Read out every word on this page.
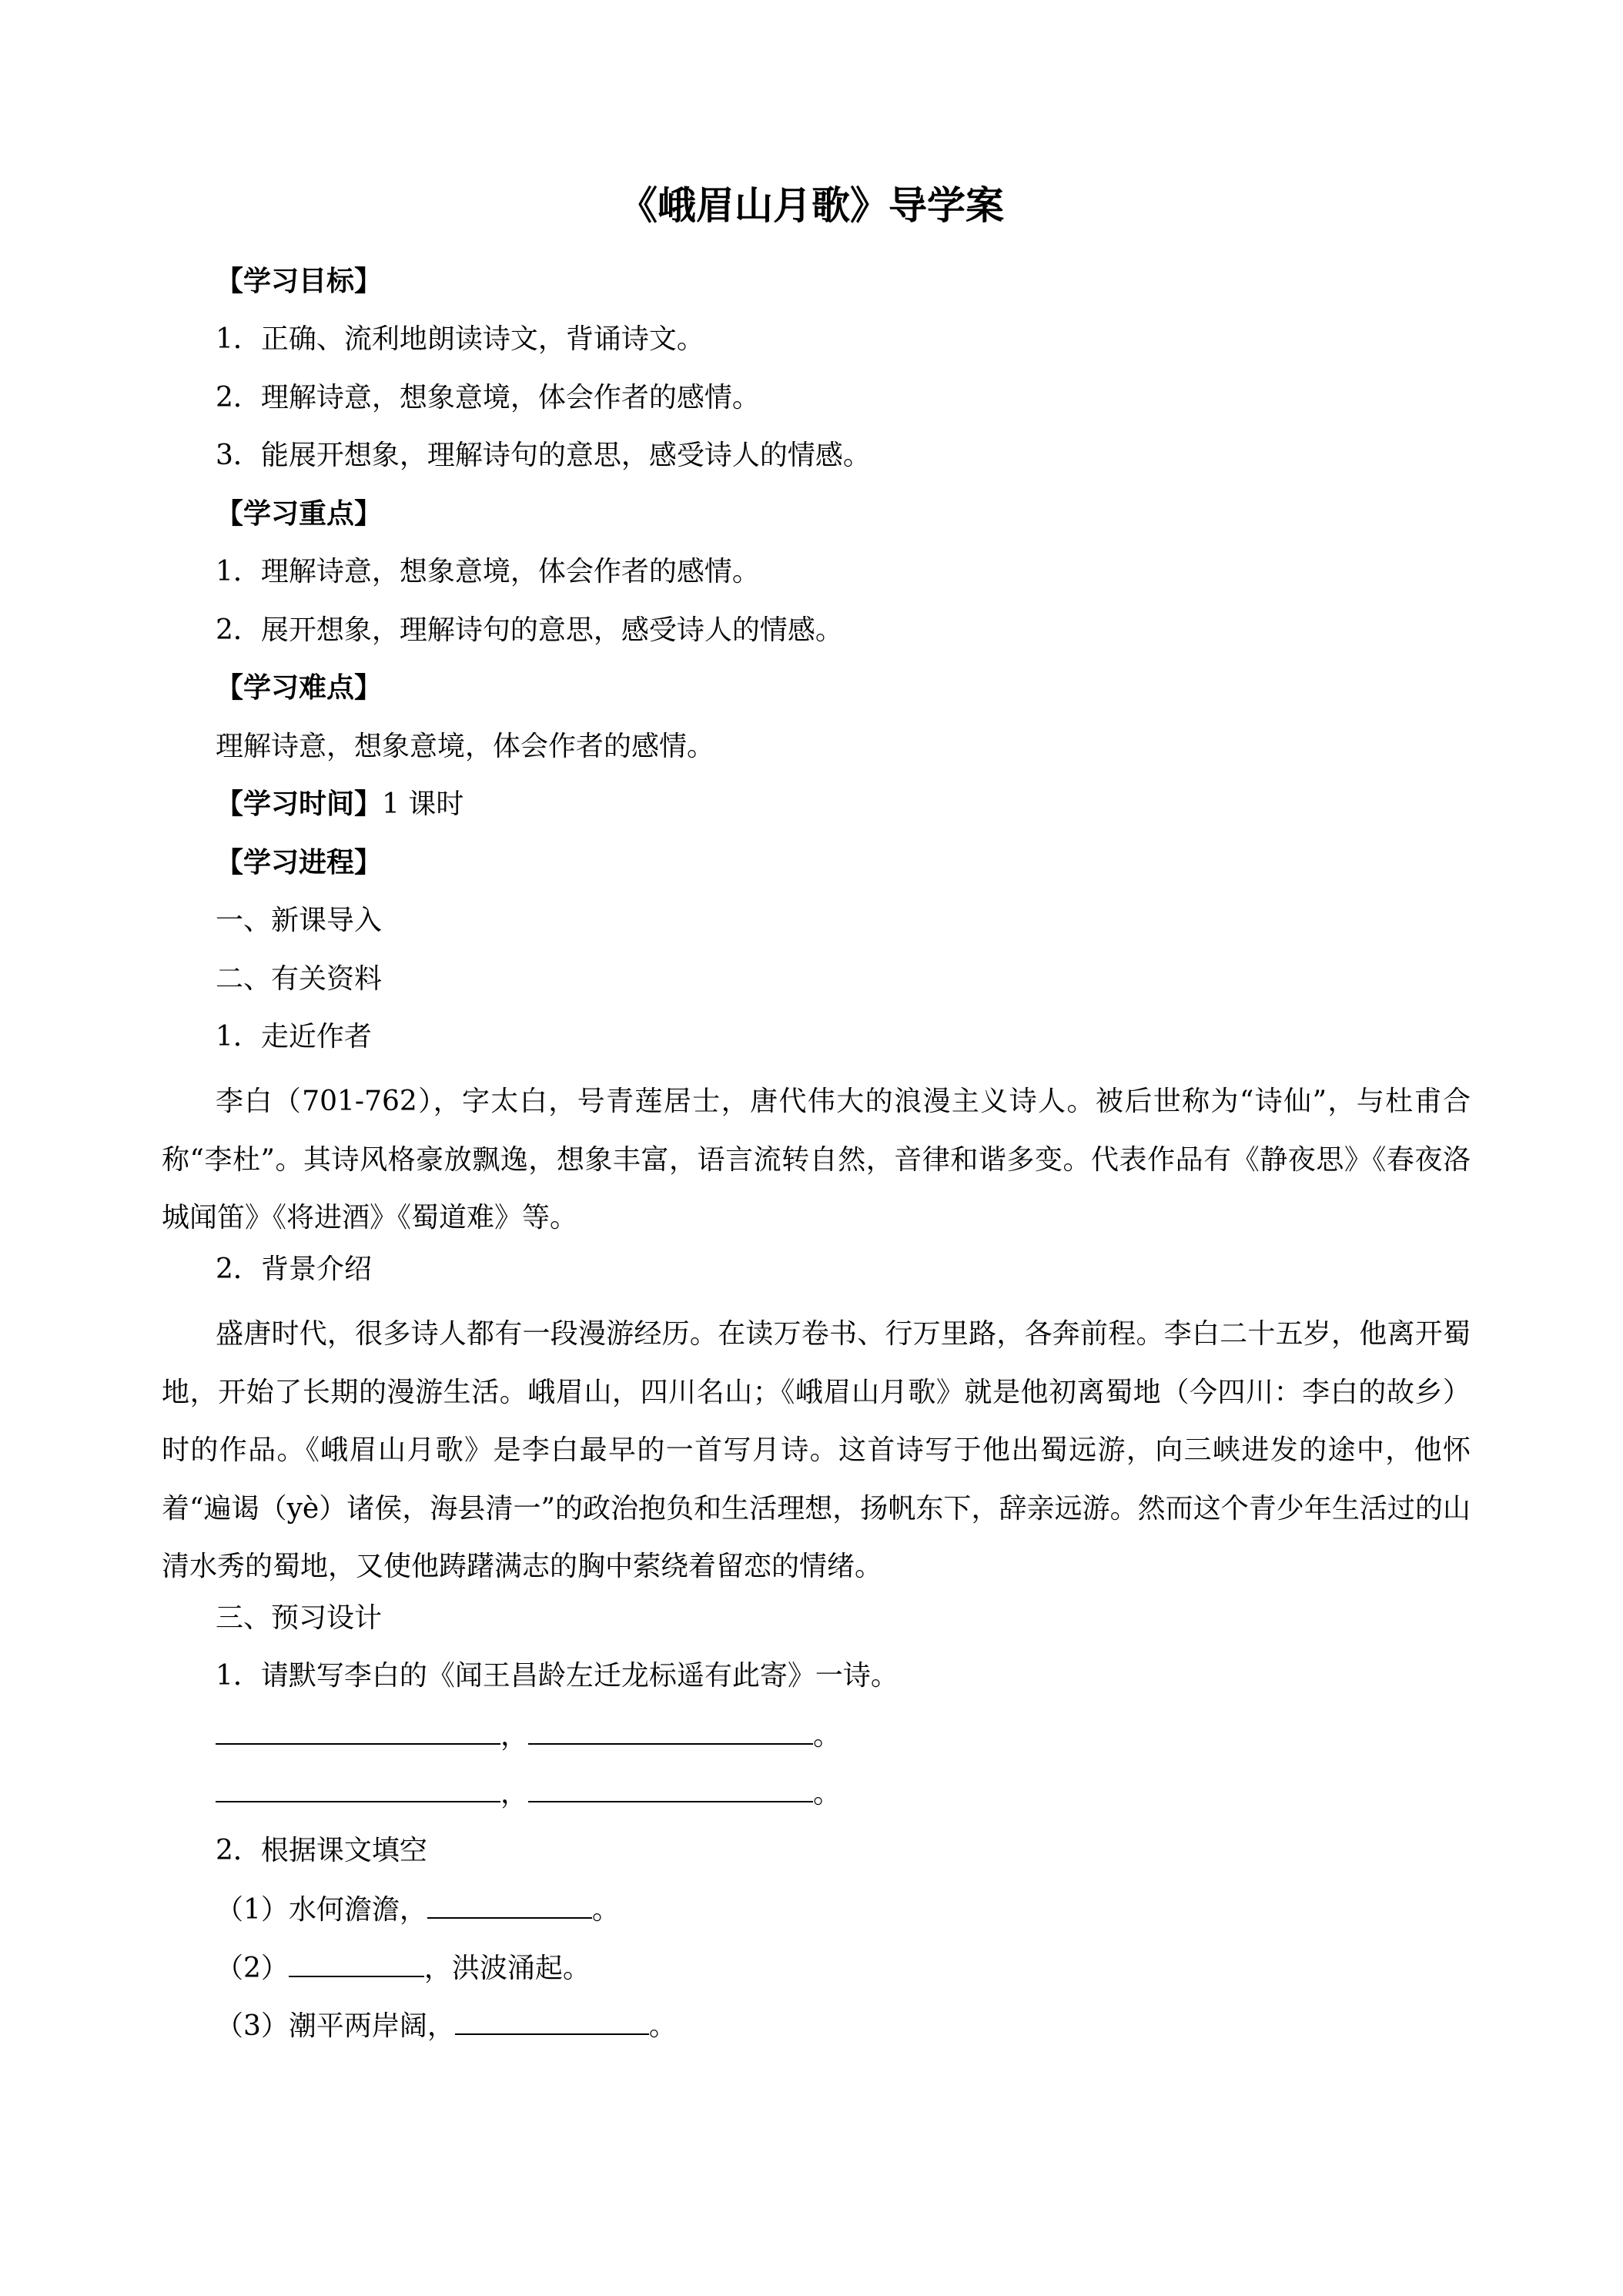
《峨眉山月歌》导学案
【学习目标】
1．正确、流利地朗读诗文，背诵诗文。
2．理解诗意，想象意境，体会作者的感情。
3．能展开想象，理解诗句的意思，感受诗人的情感。
【学习重点】
1．理解诗意，想象意境，体会作者的感情。
2．展开想象，理解诗句的意思，感受诗人的情感。
【学习难点】
理解诗意，想象意境，体会作者的感情。
【学习时间】1 课时
【学习进程】
一、新课导入
二、有关资料
1．走近作者
李白（701-762），字太白，号青莲居士，唐代伟大的浪漫主义诗人。被后世称为“诗仙”，与杜甫合称“李杜”。其诗风格豪放飘逸，想象丰富，语言流转自然，音律和谐多变。代表作品有《静夜思》《春夜洛城闻笛》《将进酒》《蜀道难》等。
2．背景介绍
盛唐时代，很多诗人都有一段漫游经历。在读万卷书、行万里路，各奔前程。李白二十五岁，他离开蜀地，开始了长期的漫游生活。峨眉山，四川名山；《峨眉山月歌》就是他初离蜀地（今四川：李白的故乡）时的作品。《峨眉山月歌》是李白最早的一首写月诗。这首诗写于他出蜀远游，向三峡进发的途中，他怀着“遍谒（yè）诸侯，海县清一”的政治抱负和生活理想，扬帆东下，辞亲远游。然而这个青少年生活过的山清水秀的蜀地，又使他踌躇满志的胸中萦绕着留恋的情绪。
三、预习设计
1．请默写李白的《闻王昌龄左迁龙标遥有此寄》一诗。
，	。
，	。
2．根据课文填空
（1）水何澹澹，	。
（2）	，洪波涌起。
（3）潮平两岸阔，	。
